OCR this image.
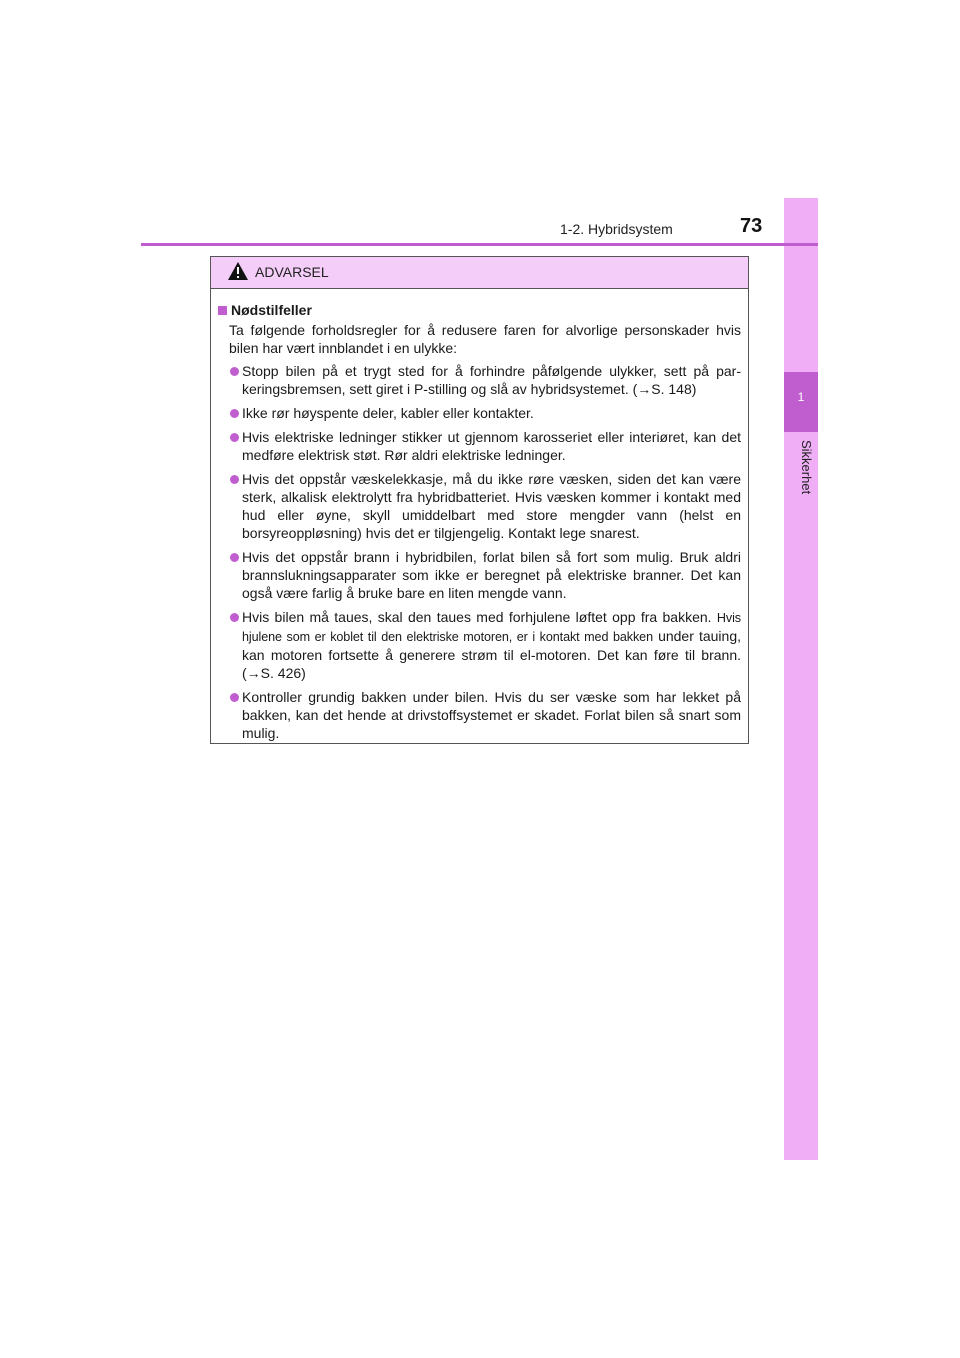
1
Sikkerhet
1-2. Hybridsystem	73
ADVARSEL
Nødstilfeller
Ta følgende forholdsregler for å redusere faren for alvorlige personskader hvis bilen har vært innblandet i en ulykke:
Stopp bilen på et trygt sted for å forhindre påfølgende ulykker, sett på par-keringsbremsen, sett giret i P-stilling og slå av hybridsystemet. (→S. 148)
Ikke rør høyspente deler, kabler eller kontakter.
Hvis elektriske ledninger stikker ut gjennom karosseriet eller interiøret, kan det medføre elektrisk støt. Rør aldri elektriske ledninger.
Hvis det oppstår væskelekkasje, må du ikke røre væsken, siden det kan være sterk, alkalisk elektrolytt fra hybridbatteriet. Hvis væsken kommer i kontakt med hud eller øyne, skyll umiddelbart med store mengder vann (helst en borsyreoppløsning) hvis det er tilgjengelig. Kontakt lege snarest.
Hvis det oppstår brann i hybridbilen, forlat bilen så fort som mulig. Bruk aldri brannslukningsapparater som ikke er beregnet på elektriske branner. Det kan også være farlig å bruke bare en liten mengde vann.
Hvis bilen må taues, skal den taues med forhjulene løftet opp fra bakken. Hvis hjulene som er koblet til den elektriske motoren, er i kontakt med bakken under tauing, kan motoren fortsette å generere strøm til el-motoren. Det kan føre til brann. (→S. 426)
Kontroller grundig bakken under bilen. Hvis du ser væske som har lekket på bakken, kan det hende at drivstoffsystemet er skadet. Forlat bilen så snart som mulig.
